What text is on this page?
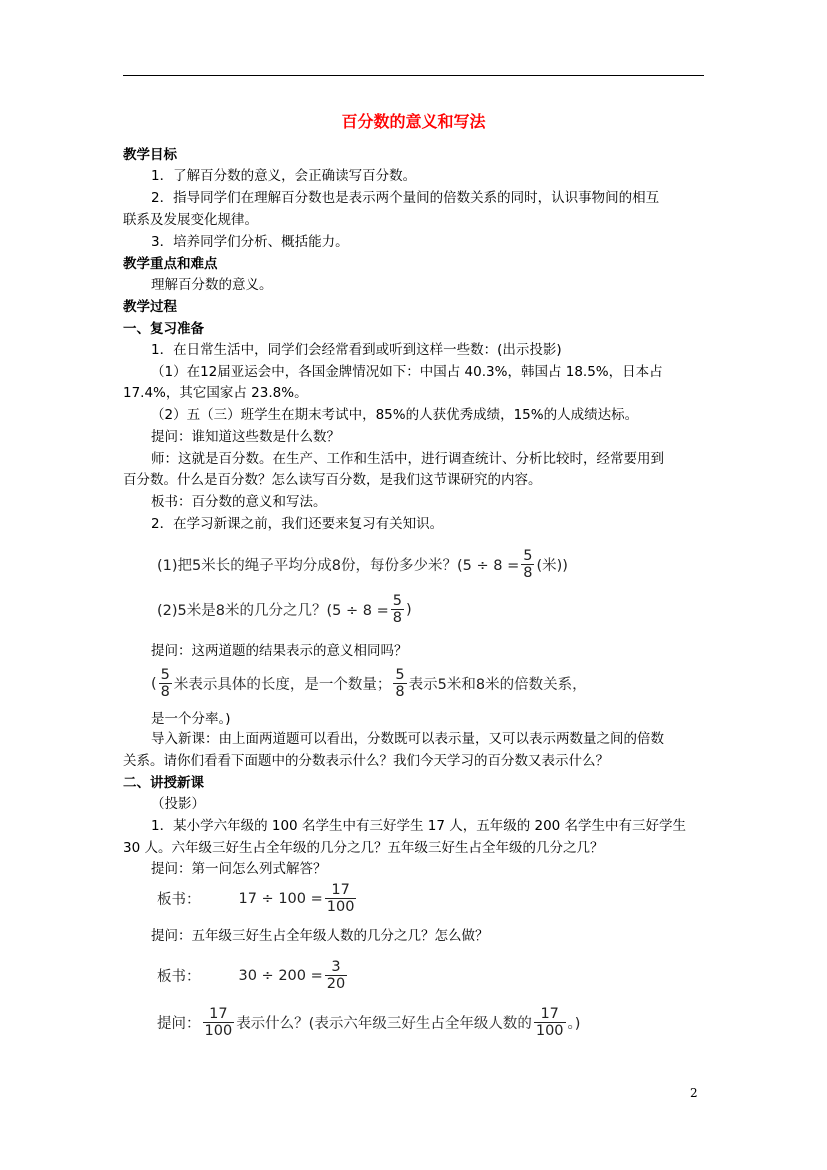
百分数的意义和写法
教学目标
1．了解百分数的意义，会正确读写百分数。
2．指导同学们在理解百分数也是表示两个量间的倍数关系的同时，认识事物间的相互
联系及发展变化规律。
3．培养同学们分析、概括能力。
教学重点和难点
理解百分数的意义。
教学过程
一、复习准备
1．在日常生活中，同学们会经常看到或听到这样一些数：(出示投影)
（1）在12届亚运会中，各国金牌情况如下：中国占 40.3%，韩国占 18.5%，日本占
17.4%，其它国家占 23.8%。
（2）五（三）班学生在期末考试中，85%的人获优秀成绩，15%的人成绩达标。
提问：谁知道这些数是什么数？
师：这就是百分数。在生产、工作和生活中，进行调查统计、分析比较时，经常要用到
百分数。什么是百分数？怎么读写百分数，是我们这节课研究的内容。
板书：百分数的意义和写法。
2．在学习新课之前，我们还要来复习有关知识。
(1)把5米长的绳子平均分成8份，每份多少米？($5 \div 8 = \frac{5}{8}$ (米))
(2)5米是8米的几分之几？($5 \div 8 = \frac{5}{8}$ )
提问：这两道题的结果表示的意义相同吗？
( $\frac{5}{8}$ 米表示具体的长度，是一个数量； $\frac{5}{8}$ 表示5米和8米的倍数关系，
是一个分率。)
导入新课：由上面两道题可以看出，分数既可以表示量，又可以表示两数量之间的倍数
关系。请你们看看下面题中的分数表示什么？我们今天学习的百分数又表示什么？
二、讲授新课
（投影）
1．某小学六年级的 100 名学生中有三好学生 17 人，五年级的 200 名学生中有三好学生
30 人。六年级三好生占全年级的几分之几？五年级三好生占全年级的几分之几？
提问：第一问怎么列式解答？
板书：	$17 \div 100 = \frac{17}{100}$
提问：五年级三好生占全年级人数的几分之几？怎么做？
板书：	$30 \div 200 = \frac{3}{20}$
提问： $\frac{17}{100}$ 表示什么？(表示六年级三好生占全年级人数的 $\frac{17}{100}$ 。)
2
